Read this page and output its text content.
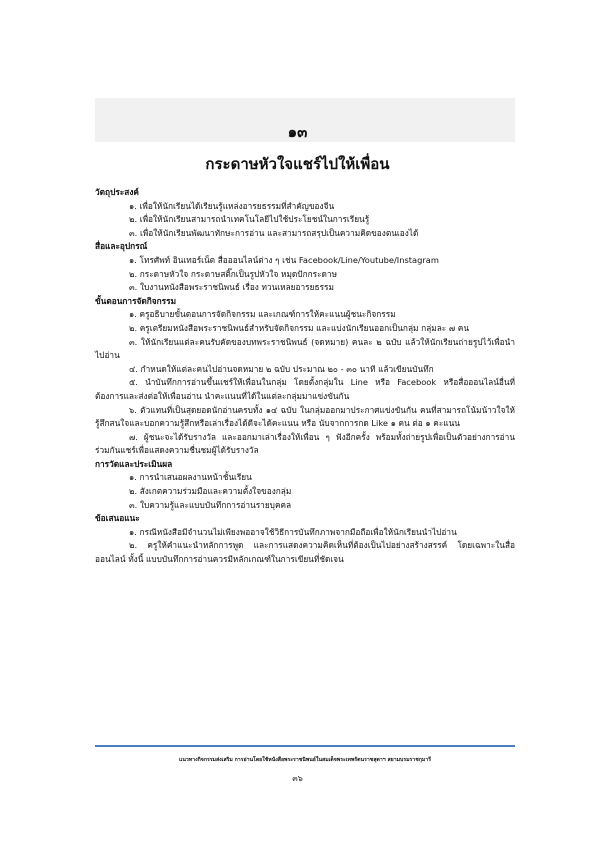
๑๓
กระดาษหัวใจแชร์ไปให้เพื่อน
วัตถุประสงค์
๑. เพื่อให้นักเรียนได้เรียนรู้แหล่งอารยธรรมที่สำคัญของจีน
๒. เพื่อให้นักเรียนสามารถนำเทคโนโลยีไปใช้ประโยชน์ในการเรียนรู้
๓. เพื่อให้นักเรียนพัฒนาทักษะการอ่าน และสามารถสรุปเป็นความคิดของตนเองได้
สื่อและอุปกรณ์
๑. โทรศัพท์ อินเทอร์เน็ต สื่อออนไลน์ต่าง ๆ เช่น Facebook/Line/Youtube/Instagram
๒. กระดาษหัวใจ กระดาษสติ๊กเป็นรูปหัวใจ หมุดปักกระดาษ
๓. ใบงานหนังสือพระราชนิพนธ์ เรื่อง ทวนเหลยอารยธรรม
ขั้นตอนการจัดกิจกรรม
๑. ครูอธิบายขั้นตอนการจัดกิจกรรม และเกณฑ์การให้คะแนนผู้ชนะกิจกรรม
๒. ครูเตรียมหนังสือพระราชนิพนธ์สำหรับจัดกิจกรรม และแบ่งนักเรียนออกเป็นกลุ่ม กลุ่มละ ๗ คน
๓. ให้นักเรียนแต่ละคนรับคัดของบทพระราชนิพนธ์ (จดหมาย) คนละ ๒ ฉบับ แล้วให้นักเรียนถ่ายรูปไว้เพื่อนำไปอ่าน
๔. กำหนดให้แต่ละคนไปอ่านจดหมาย ๒ ฉบับ ประมาณ ๒๐ - ๓๐ นาที แล้วเขียนบันทึก
๕. นำบันทึกการอ่านขึ้นแชร์ให้เพื่อนในกลุ่ม โดยตั้งกลุ่มใน Line หรือ Facebook หรือสื่อออนไลน์อื่นที่ต้องการและส่งต่อให้เพื่อนอ่าน นำคะแนนที่ได้ในแต่ละกลุ่มมาแข่งขันกัน
๖. ตัวแทนที่เป็นสุดยอดนักอ่านครบทั้ง ๑๔ ฉบับ ในกลุ่มออกมาประกาศแข่งขันกัน คนที่สามารถโน้มน้าวใจให้รู้สึกสนใจและบอกความรู้สึกหรือเล่าเรื่องได้ดีจะได้คะแนน หรือ นับจากการกด Like ๑ คน ต่อ ๑ คะแนน
๗. ผู้ชนะจะได้รับรางวัล และออกมาเล่าเรื่องให้เพื่อน ๆ ฟังอีกครั้ง พร้อมทั้งถ่ายรูปเพื่อเป็นตัวอย่างการอ่าน ร่วมกันแชร์เพื่อแสดงความชื่นชมผู้ได้รับรางวัล
การวัดและประเมินผล
๑. การนำเสนอผลงานหน้าชั้นเรียน
๒. สังเกตความร่วมมือและความตั้งใจของกลุ่ม
๓. ใบความรู้และแบบบันทึกการอ่านรายบุคคล
ข้อเสนอแนะ
๑. กรณีหนังสือมีจำนวนไม่เพียงพออาจใช้วิธีการบันทึกภาพจากมือถือเพื่อให้นักเรียนนำไปอ่าน
๒. ครูให้คำแนะนำหลักการพูด และการแสดงความคิดเห็นที่ต้องเป็นไปอย่างสร้างสรรค์ โดยเฉพาะในสื่อออนไลน์ ทั้งนี้ แบบบันทึกการอ่านควรมีหลักเกณฑ์ในการเขียนที่ชัดเจน
แนวทางกิจกรรมส่งเสริม การอ่านโดยใช้หนังสือพระราชนิพนธ์ในสมเด็จพระเทพรัตนราชสุดาฯ สยามบรมราชกุมารี
๓๖
